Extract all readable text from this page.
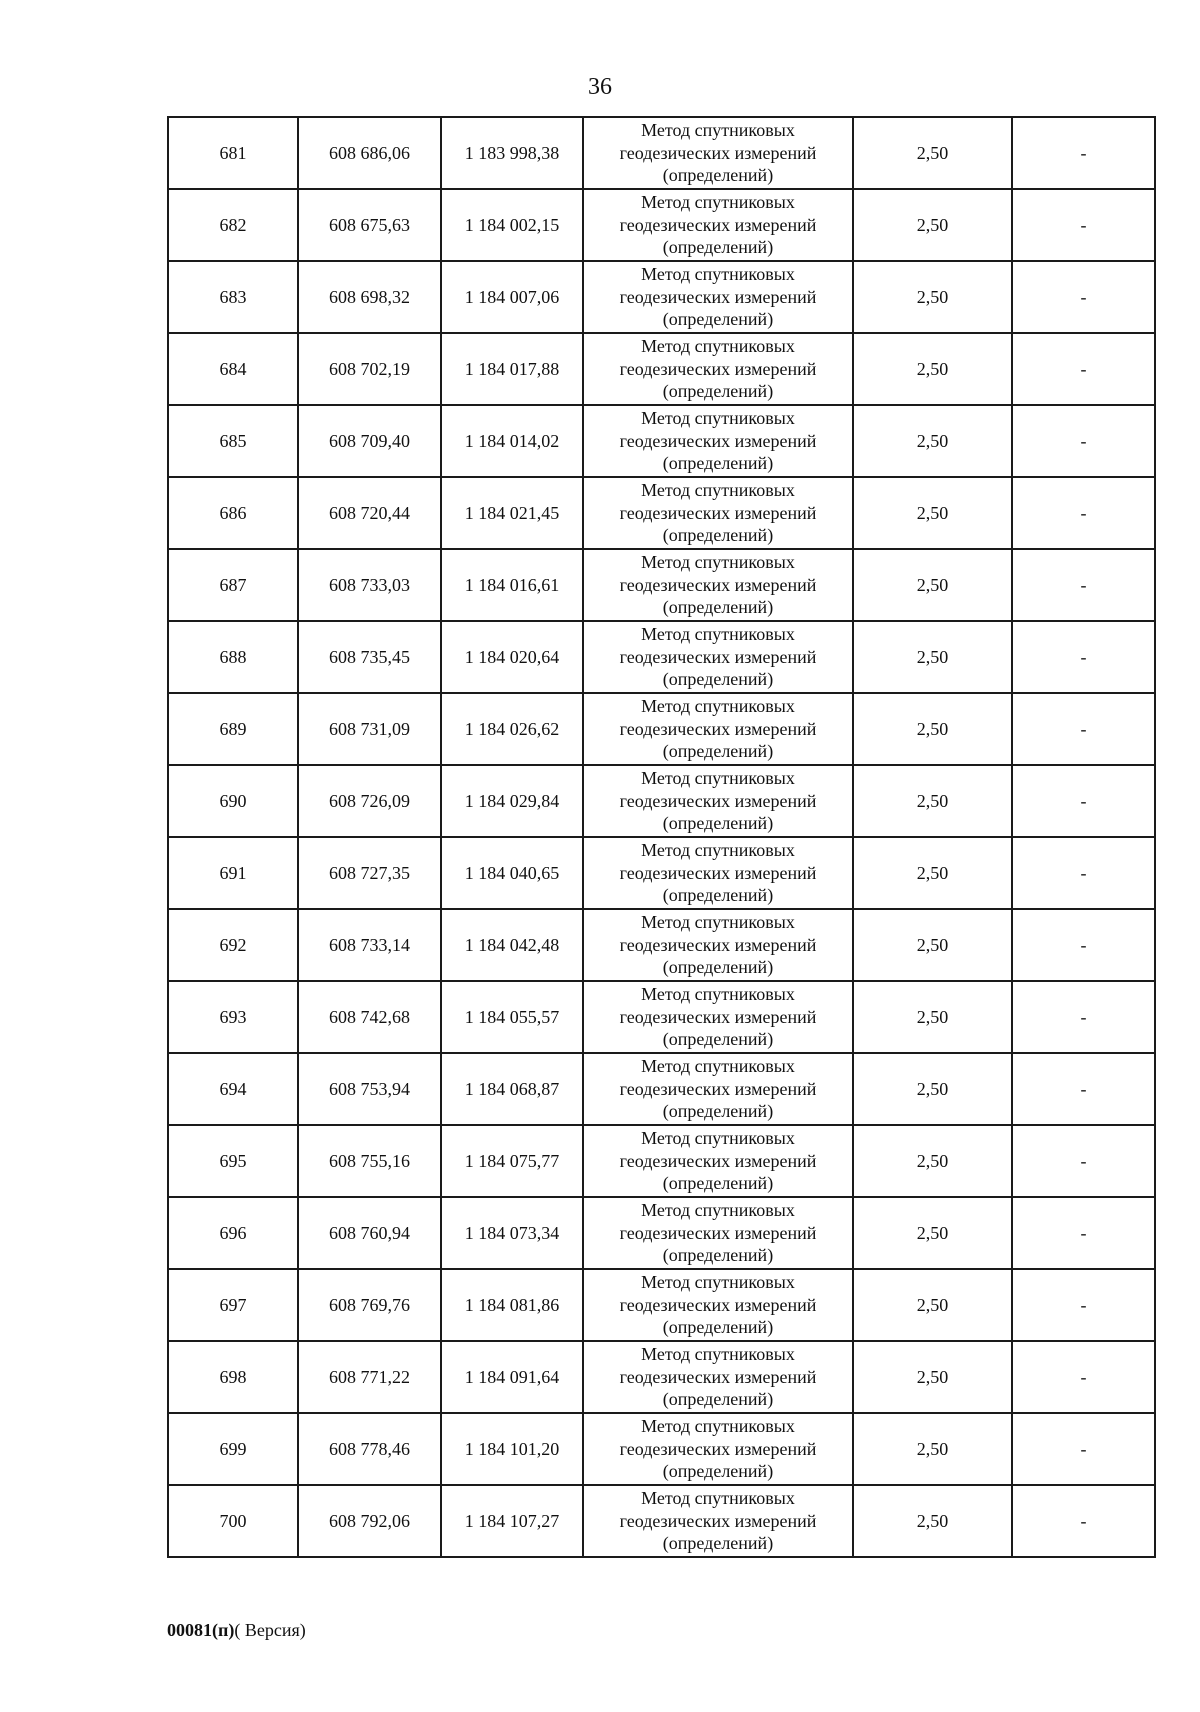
36
681	608 686,06	1 183 998,38	Метод спутниковых
геодезических измерений
(определений)	2,50	-
682	608 675,63	1 184 002,15	Метод спутниковых
геодезических измерений
(определений)	2,50	-
683	608 698,32	1 184 007,06	Метод спутниковых
геодезических измерений
(определений)	2,50	-
684	608 702,19	1 184 017,88	Метод спутниковых
геодезических измерений
(определений)	2,50	-
685	608 709,40	1 184 014,02	Метод спутниковых
геодезических измерений
(определений)	2,50	-
686	608 720,44	1 184 021,45	Метод спутниковых
геодезических измерений
(определений)	2,50	-
687	608 733,03	1 184 016,61	Метод спутниковых
геодезических измерений
(определений)	2,50	-
688	608 735,45	1 184 020,64	Метод спутниковых
геодезических измерений
(определений)	2,50	-
689	608 731,09	1 184 026,62	Метод спутниковых
геодезических измерений
(определений)	2,50	-
690	608 726,09	1 184 029,84	Метод спутниковых
геодезических измерений
(определений)	2,50	-
691	608 727,35	1 184 040,65	Метод спутниковых
геодезических измерений
(определений)	2,50	-
692	608 733,14	1 184 042,48	Метод спутниковых
геодезических измерений
(определений)	2,50	-
693	608 742,68	1 184 055,57	Метод спутниковых
геодезических измерений
(определений)	2,50	-
694	608 753,94	1 184 068,87	Метод спутниковых
геодезических измерений
(определений)	2,50	-
695	608 755,16	1 184 075,77	Метод спутниковых
геодезических измерений
(определений)	2,50	-
696	608 760,94	1 184 073,34	Метод спутниковых
геодезических измерений
(определений)	2,50	-
697	608 769,76	1 184 081,86	Метод спутниковых
геодезических измерений
(определений)	2,50	-
698	608 771,22	1 184 091,64	Метод спутниковых
геодезических измерений
(определений)	2,50	-
699	608 778,46	1 184 101,20	Метод спутниковых
геодезических измерений
(определений)	2,50	-
700	608 792,06	1 184 107,27	Метод спутниковых
геодезических измерений
(определений)	2,50	-
00081(п)( Версия)
